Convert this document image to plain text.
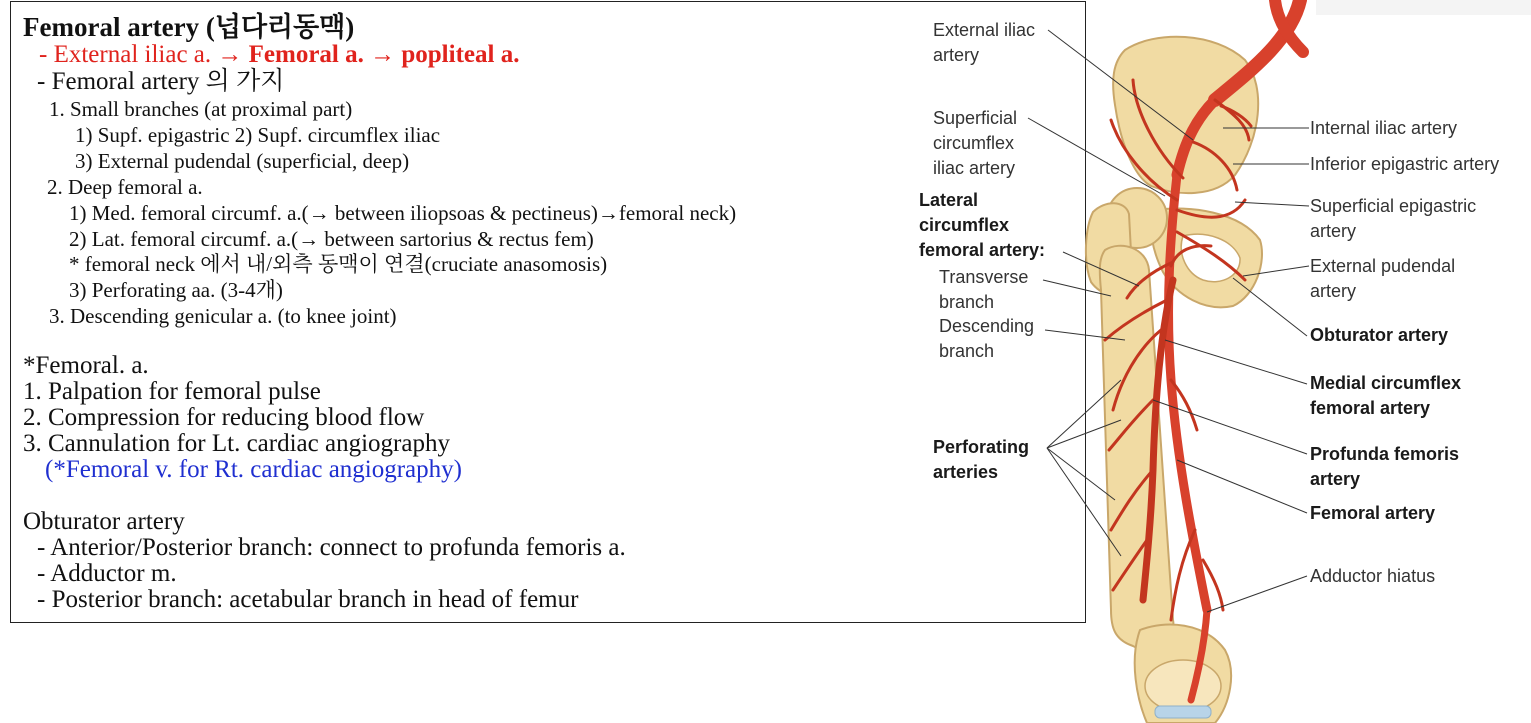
Femoral artery (넙다리동맥)
- External iliac a. → Femoral a. → popliteal a.
- Femoral artery 의 가지
1. Small branches (at proximal part)
1) Supf. epigastric 2) Supf. circumflex iliac
3) External pudendal (superficial, deep)
2. Deep femoral a.
1) Med. femoral circumf. a.(→ between iliopsoas & pectineus)→femoral neck)
2) Lat. femoral circumf. a.(→ between sartorius & rectus fem)
* femoral neck 에서 내/외측 동맥이 연결(cruciate anasomosis)
3) Perforating aa. (3-4개)
3. Descending genicular a. (to knee joint)
*Femoral. a.
1. Palpation for femoral pulse
2. Compression for reducing blood flow
3. Cannulation for Lt. cardiac angiography
(*Femoral v. for Rt. cardiac angiography)
Obturator artery
- Anterior/Posterior branch: connect to profunda femoris a.
- Adductor m.
- Posterior branch: acetabular branch in head of femur
External iliac
artery
Superficial
circumflex
iliac artery
Lateral
circumflex
femoral artery:
Transverse
branch
Descending
branch
Perforating
arteries
Internal iliac artery
Inferior epigastric artery
Superficial epigastric
artery
External pudendal
artery
Obturator artery
Medial circumflex
femoral artery
Profunda femoris
artery
Femoral artery
Adductor hiatus
